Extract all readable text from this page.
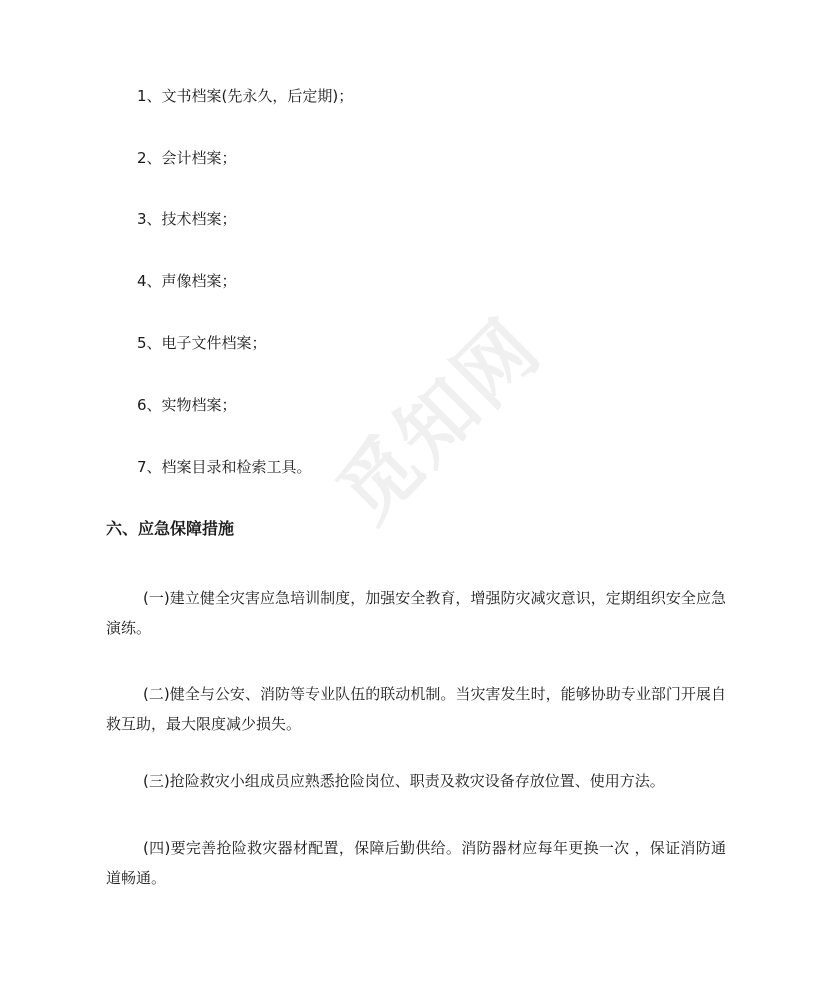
1、文书档案(先永久，后定期)；
2、会计档案；
3、技术档案；
4、声像档案；
5、电子文件档案；
6、实物档案；
7、档案目录和检索工具。
六、应急保障措施
(一)建立健全灾害应急培训制度，加强安全教育，增强防灾减灾意识，定期组织安全应急演练。
(二)健全与公安、消防等专业队伍的联动机制。当灾害发生时，能够协助专业部门开展自救互助，最大限度减少损失。
(三)抢险救灾小组成员应熟悉抢险岗位、职责及救灾设备存放位置、使用方法。
(四)要完善抢险救灾器材配置，保障后勤供给。消防器材应每年更换一次 ，保证消防通道畅通。
觅知网
